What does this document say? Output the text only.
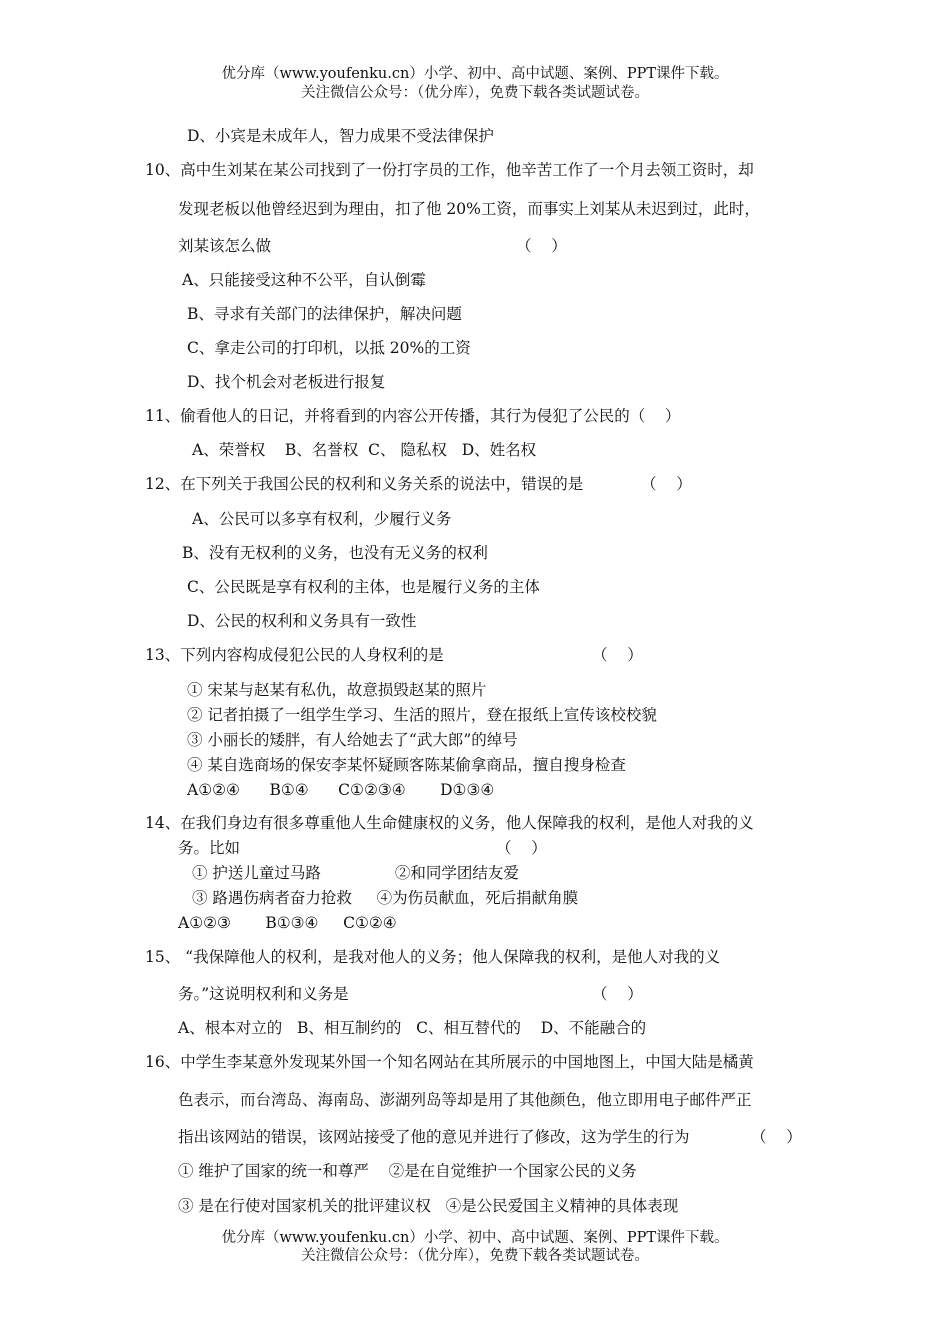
优分库（www.youfenku.cn）小学、初中、高中试题、案例、PPT课件下载。
关注微信公众号：（优分库），免费下载各类试题试卷。
D、小宾是未成年人，智力成果不受法律保护
10、高中生刘某在某公司找到了一份打字员的工作，他辛苦工作了一个月去领工资时，却
发现老板以他曾经迟到为理由，扣了他 20%工资，而事实上刘某从未迟到过，此时，
刘某该怎么做	（    ）
A、只能接受这种不公平，自认倒霉
B、寻求有关部门的法律保护，解决问题
C、拿走公司的打印机，以抵 20%的工资
D、找个机会对老板进行报复
11、偷看他人的日记，并将看到的内容公开传播，其行为侵犯了公民的（    ）
A、荣誉权    B、名誉权  C、 隐私权   D、姓名权
12、在下列关于我国公民的权利和义务关系的说法中，错误的是	（    ）
A、公民可以多享有权利，少履行义务
B、没有无权利的义务，也没有无义务的权利
C、公民既是享有权利的主体，也是履行义务的主体
D、公民的权利和义务具有一致性
13、下列内容构成侵犯公民的人身权利的是	（    ）
① 宋某与赵某有私仇，故意损毁赵某的照片
② 记者拍摄了一组学生学习、生活的照片，登在报纸上宣传该校校貌
③ 小丽长的矮胖，有人给她去了“武大郎”的绰号
④ 某自选商场的保安李某怀疑顾客陈某偷拿商品，擅自搜身检查
A①②④      B①④      C①②③④       D①③④
14、在我们身边有很多尊重他人生命健康权的义务，他人保障我的权利，是他人对我的义
务。比如	（    ）
① 护送儿童过马路               ②和同学团结友爱
③ 路遇伤病者奋力抢救     ④为伤员献血，死后捐献角膜
A①②③       B①③④     C①②④
15、 “我保障他人的权利，是我对他人的义务；他人保障我的权利，是他人对我的义
务。”这说明权利和义务是	（    ）
A、根本对立的   B、相互制约的   C、相互替代的    D、不能融合的
16、中学生李某意外发现某外国一个知名网站在其所展示的中国地图上，中国大陆是橘黄
色表示，而台湾岛、海南岛、澎湖列岛等却是用了其他颜色，他立即用电子邮件严正
指出该网站的错误，该网站接受了他的意见并进行了修改，这为学生的行为	（    ）
① 维护了国家的统一和尊严    ②是在自觉维护一个国家公民的义务
③ 是在行使对国家机关的批评建议权   ④是公民爱国主义精神的具体表现
优分库（www.youfenku.cn）小学、初中、高中试题、案例、PPT课件下载。
关注微信公众号：（优分库），免费下载各类试题试卷。
